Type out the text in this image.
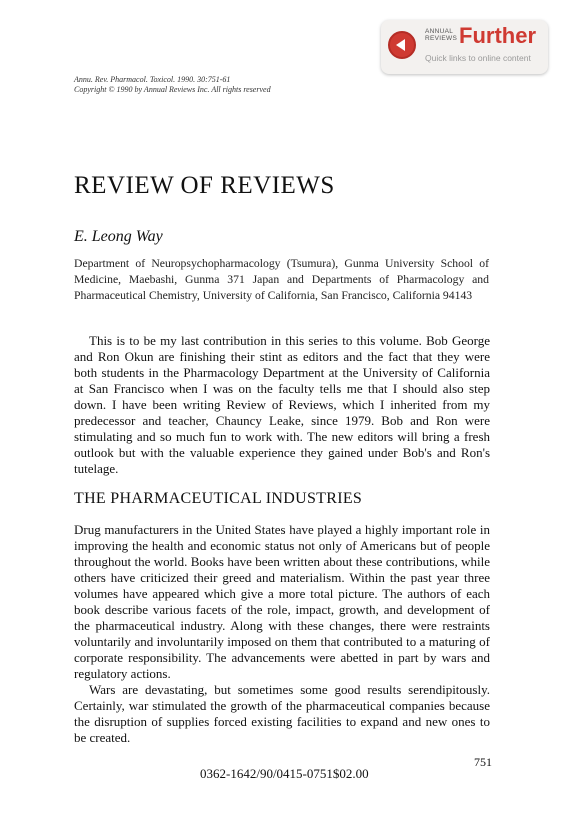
ANNUAL
REVIEWS Further
Quick links to online content
Annu. Rev. Pharmacol. Toxicol. 1990. 30:751-61
Copyright © 1990 by Annual Reviews Inc. All rights reserved
REVIEW OF REVIEWS
E. Leong Way
Department of Neuropsychopharmacology (Tsumura), Gunma University School of Medicine, Maebashi, Gunma 371 Japan and Departments of Pharmacology and Pharmaceutical Chemistry, University of California, San Francisco, California 94143

This is to be my last contribution in this series to this volume. Bob George and Ron Okun are finishing their stint as editors and the fact that they were both students in the Pharmacology Department at the University of California at San Francisco when I was on the faculty tells me that I should also step down. I have been writing Review of Reviews, which I inherited from my predecessor and teacher, Chauncy Leake, since 1979. Bob and Ron were stimulating and so much fun to work with. The new editors will bring a fresh outlook but with the valuable experience they gained under Bob's and Ron's tutelage.

THE PHARMACEUTICAL INDUSTRIES

Drug manufacturers in the United States have played a highly important role in improving the health and economic status not only of Americans but of people throughout the world. Books have been written about these contributions, while others have criticized their greed and materialism. Within the past year three volumes have appeared which give a more total picture. The authors of each book describe various facets of the role, impact, growth, and development of the pharmaceutical industry. Along with these changes, there were restraints voluntarily and involuntarily imposed on them that contributed to a maturing of corporate responsibility. The advancements were abetted in part by wars and regulatory actions.

Wars are devastating, but sometimes some good results serendipitously. Certainly, war stimulated the growth of the pharmaceutical companies because the disruption of supplies forced existing facilities to expand and new ones to be created.

751
0362-1642/90/0415-0751$02.00
